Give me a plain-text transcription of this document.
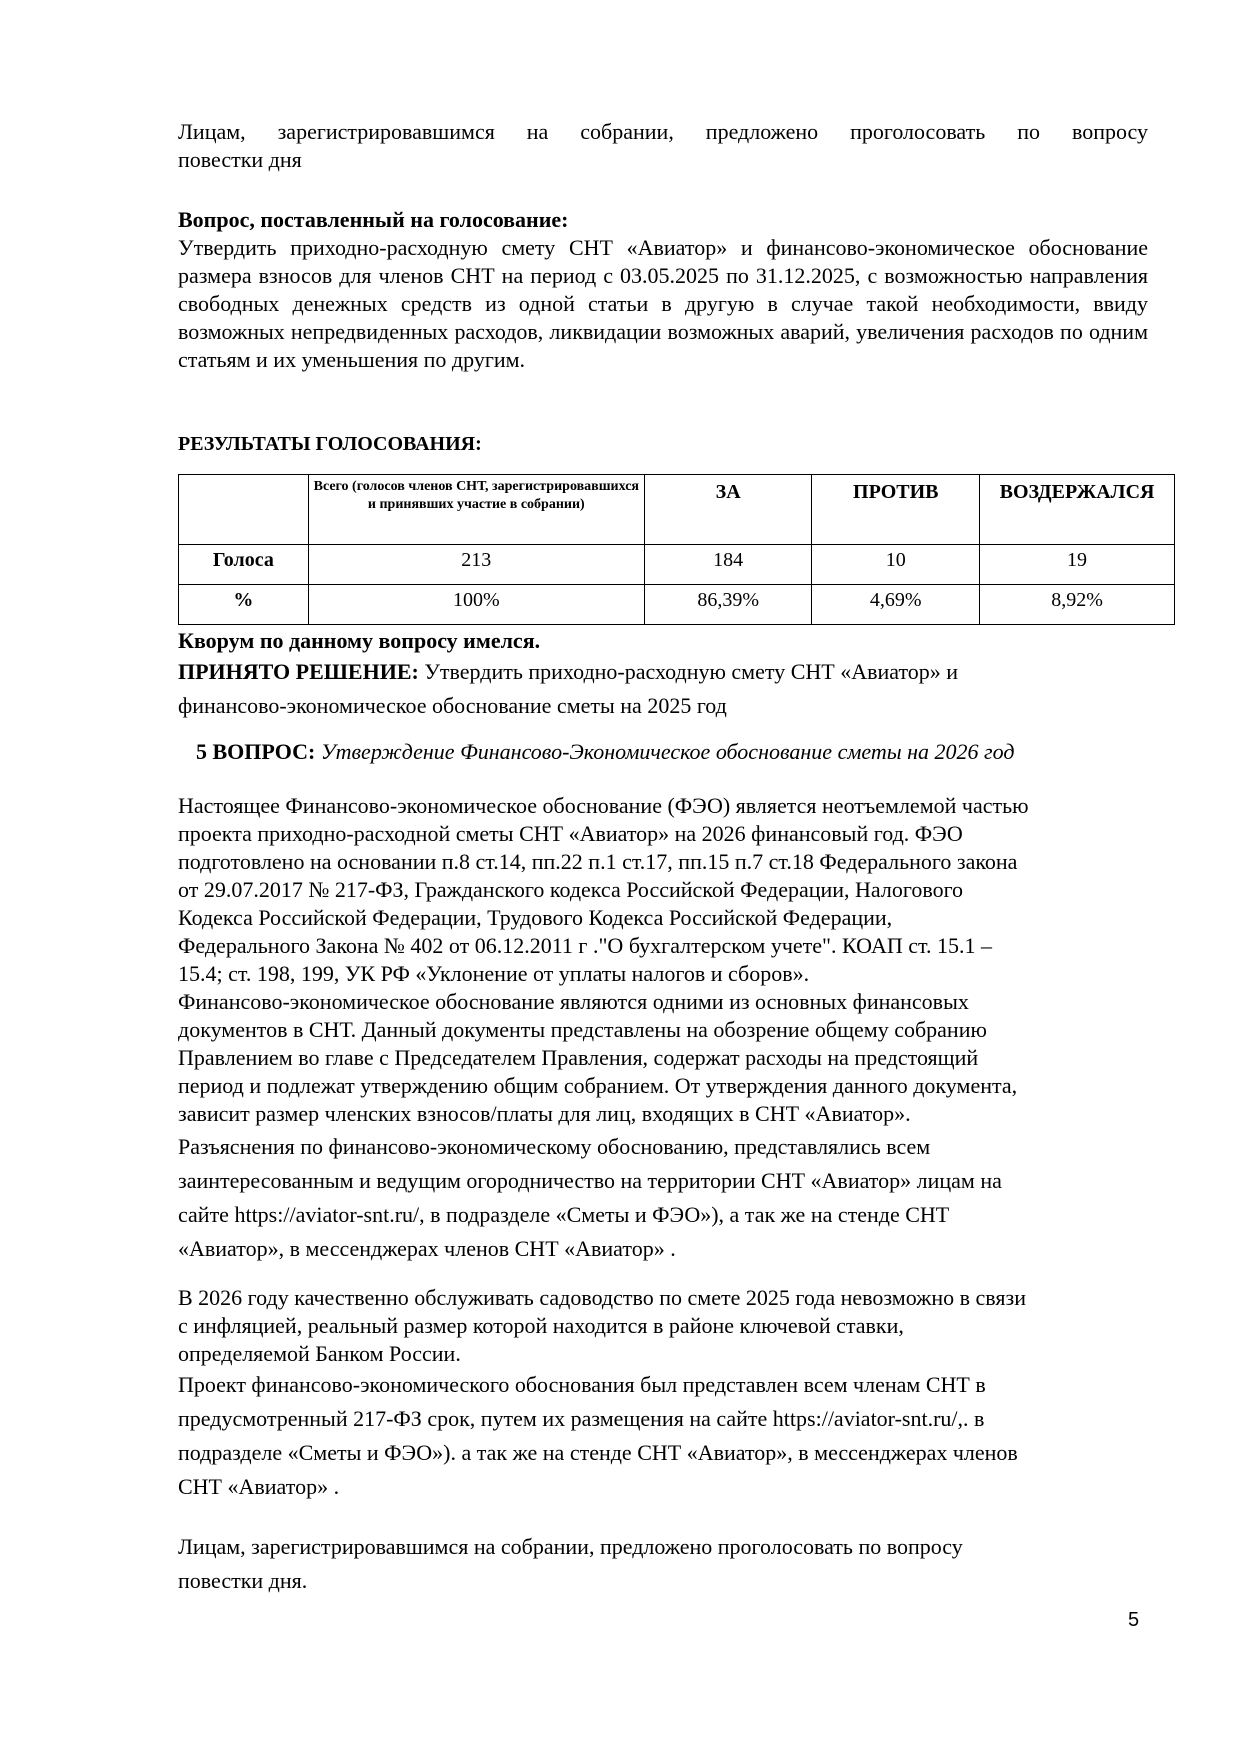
Лицам, зарегистрировавшимся на собрании, предложено проголосовать по вопросу

повестки дня

Вопрос, поставленный на голосование:

Утвердить приходно-расходную смету СНТ «Авиатор» и финансово-экономическое обоснование размера взносов для членов СНТ на период с 03.05.2025 по 31.12.2025, с возможностью направления свободных денежных средств из одной статьи в другую в случае такой необходимости, ввиду возможных непредвиденных расходов, ликвидации возможных аварий, увеличения расходов по одним статьям и их уменьшения по другим.

РЕЗУЛЬТАТЫ ГОЛОСОВАНИЯ:

	Всего (голосов членов СНТ, зарегистрировавшихся и принявших участие в собрании)	ЗА	ПРОТИВ	ВОЗДЕРЖАЛСЯ
Голоса	213	184	10	19
%	100%	86,39%	4,69%	8,92%

Кворум по данному вопросу имелся.

ПРИНЯТО РЕШЕНИЕ: Утвердить приходно-расходную смету СНТ «Авиатор» и

финансово-экономическое обоснование сметы на 2025 год

5 ВОПРОС: Утверждение Финансово-Экономическое обоснование сметы на 2026 год

Настоящее Финансово-экономическое обоснование (ФЭО) является неотъемлемой частью

проекта приходно-расходной сметы СНТ «Авиатор» на 2026 финансовый год. ФЭО

подготовлено на основании п.8 ст.14, пп.22 п.1 ст.17, пп.15 п.7 ст.18 Федерального закона

от 29.07.2017 № 217-ФЗ, Гражданского кодекса Российской Федерации, Налогового

Кодекса Российской Федерации, Трудового Кодекса Российской Федерации,

Федерального Закона № 402 от 06.12.2011 г ."О бухгалтерском учете". КОАП ст. 15.1 –

15.4; ст. 198, 199, УК РФ «Уклонение от уплаты налогов и сборов».

Финансово-экономическое обоснование являются одними из основных финансовых

документов в СНТ. Данный документы представлены на обозрение общему собранию

Правлением во главе с Председателем Правления, содержат расходы на предстоящий

период и подлежат утверждению общим собранием. От утверждения данного документа,

зависит размер членских взносов/платы для лиц, входящих в СНТ «Авиатор».

Разъяснения по финансово-экономическому обоснованию, представлялись всем

заинтересованным и ведущим огородничество на территории СНТ «Авиатор» лицам на

сайте https://aviator-snt.ru/, в подразделе «Сметы и ФЭО»), а так же на стенде СНТ

«Авиатор», в мессенджерах членов СНТ «Авиатор» .

В 2026 году качественно обслуживать садоводство по смете 2025 года невозможно в связи

с инфляцией, реальный размер которой находится в районе ключевой ставки,

определяемой Банком России.

Проект финансово-экономического обоснования был представлен всем членам СНТ в

предусмотренный 217-ФЗ срок, путем их размещения на сайте https://aviator-snt.ru/,. в

подразделе «Сметы и ФЭО»). а так же на стенде СНТ «Авиатор», в мессенджерах членов

СНТ «Авиатор» .

Лицам, зарегистрировавшимся на собрании, предложено проголосовать по вопросу

повестки дня.

5
